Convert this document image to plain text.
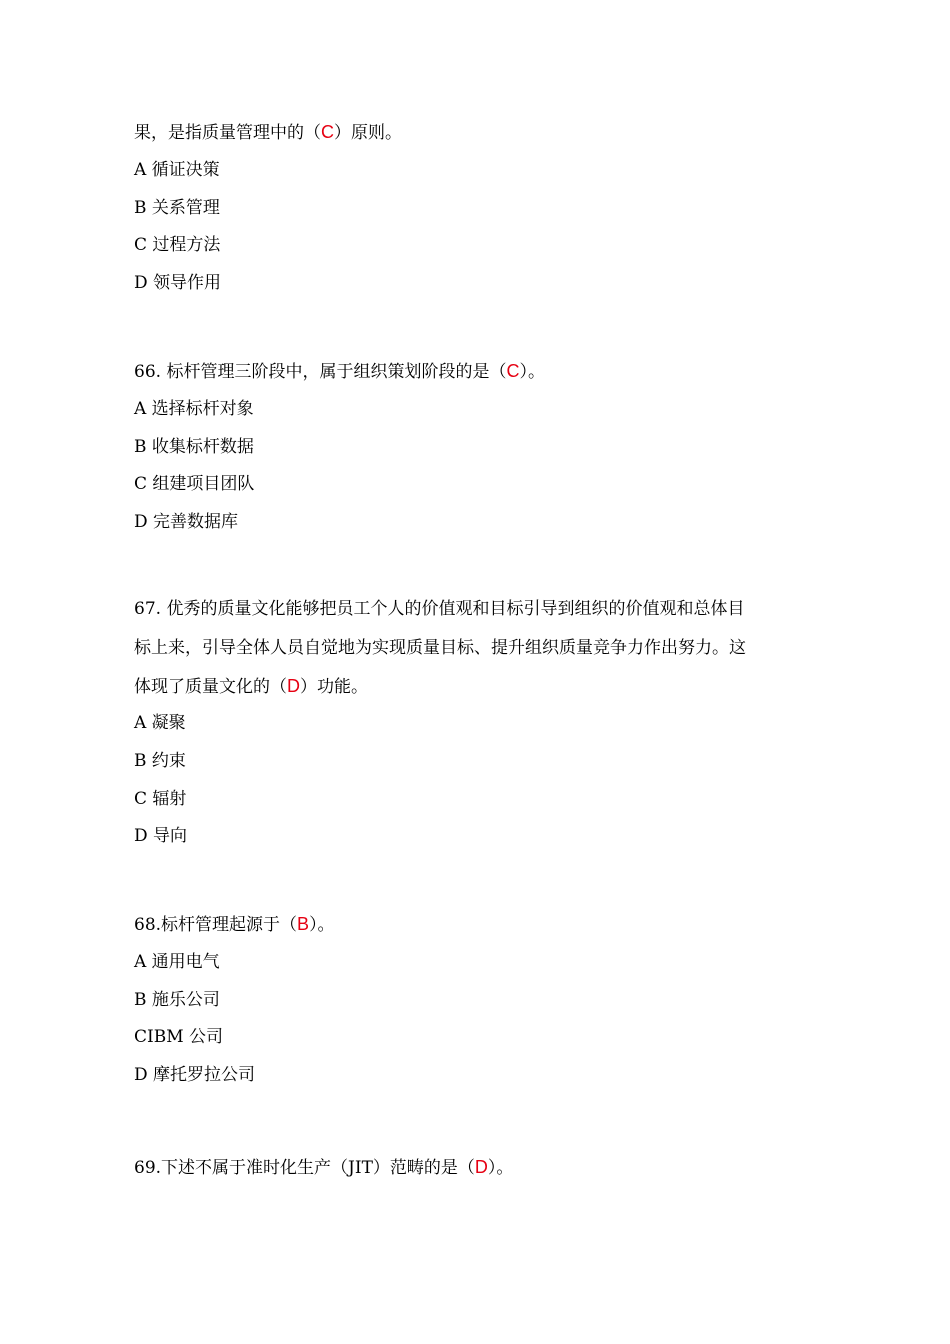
果，是指质量管理中的（C）原则。
A 循证决策
B 关系管理
C 过程方法
D 领导作用
66. 标杆管理三阶段中，属于组织策划阶段的是（C）。
A 选择标杆对象
B 收集标杆数据
C 组建项目团队
D 完善数据库
67. 优秀的质量文化能够把员工个人的价值观和目标引导到组织的价值观和总体目
标上来，引导全体人员自觉地为实现质量目标、提升组织质量竞争力作出努力。这
体现了质量文化的（D）功能。
A 凝聚
B 约束
C 辐射
D 导向
68.标杆管理起源于（B）。
A 通用电气
B 施乐公司
CIBM 公司
D 摩托罗拉公司
69.下述不属于准时化生产（JIT）范畴的是（D）。
